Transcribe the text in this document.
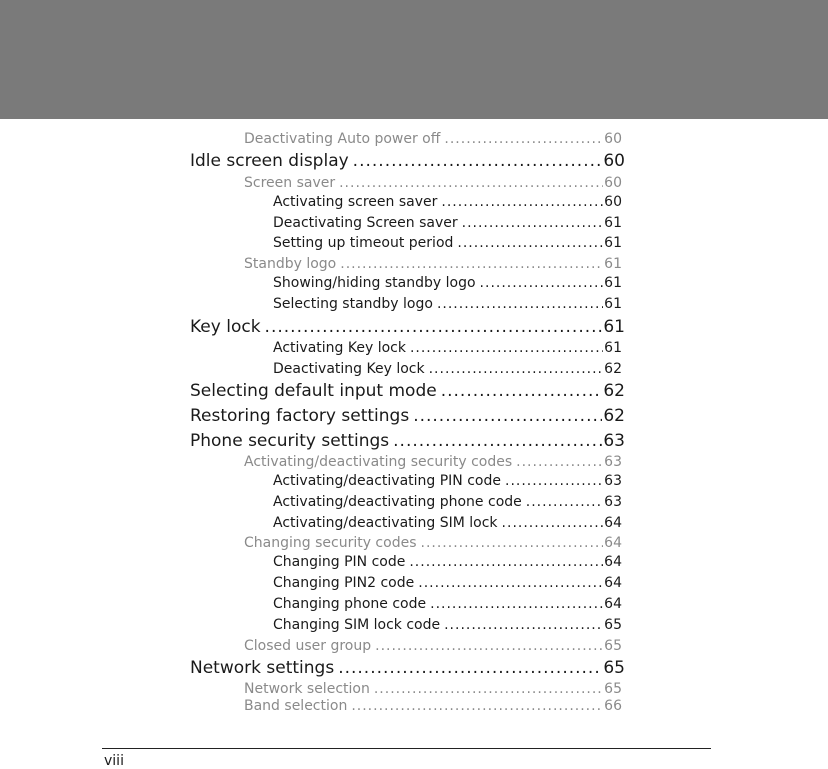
Deactivating Auto power off .....	60
Idle screen display .....	60
Screen saver .....	60
Activating screen saver .....	60
Deactivating Screen saver .....	61
Setting up timeout period .....	61
Standby logo .....	61
Showing/hiding standby logo .....	61
Selecting standby logo .....	61
Key lock .....	61
Activating Key lock .....	61
Deactivating Key lock .....	62
Selecting default input mode .....	62
Restoring factory settings .....	62
Phone security settings .....	63
Activating/deactivating security codes .....	63
Activating/deactivating PIN code .....	63
Activating/deactivating phone code .....	63
Activating/deactivating SIM lock .....	64
Changing security codes .....	64
Changing PIN code .....	64
Changing PIN2 code .....	64
Changing phone code .....	64
Changing SIM lock code .....	65
Closed user group .....	65
Network settings .....	65
Network selection .....	65
Band selection .....	66
viii
